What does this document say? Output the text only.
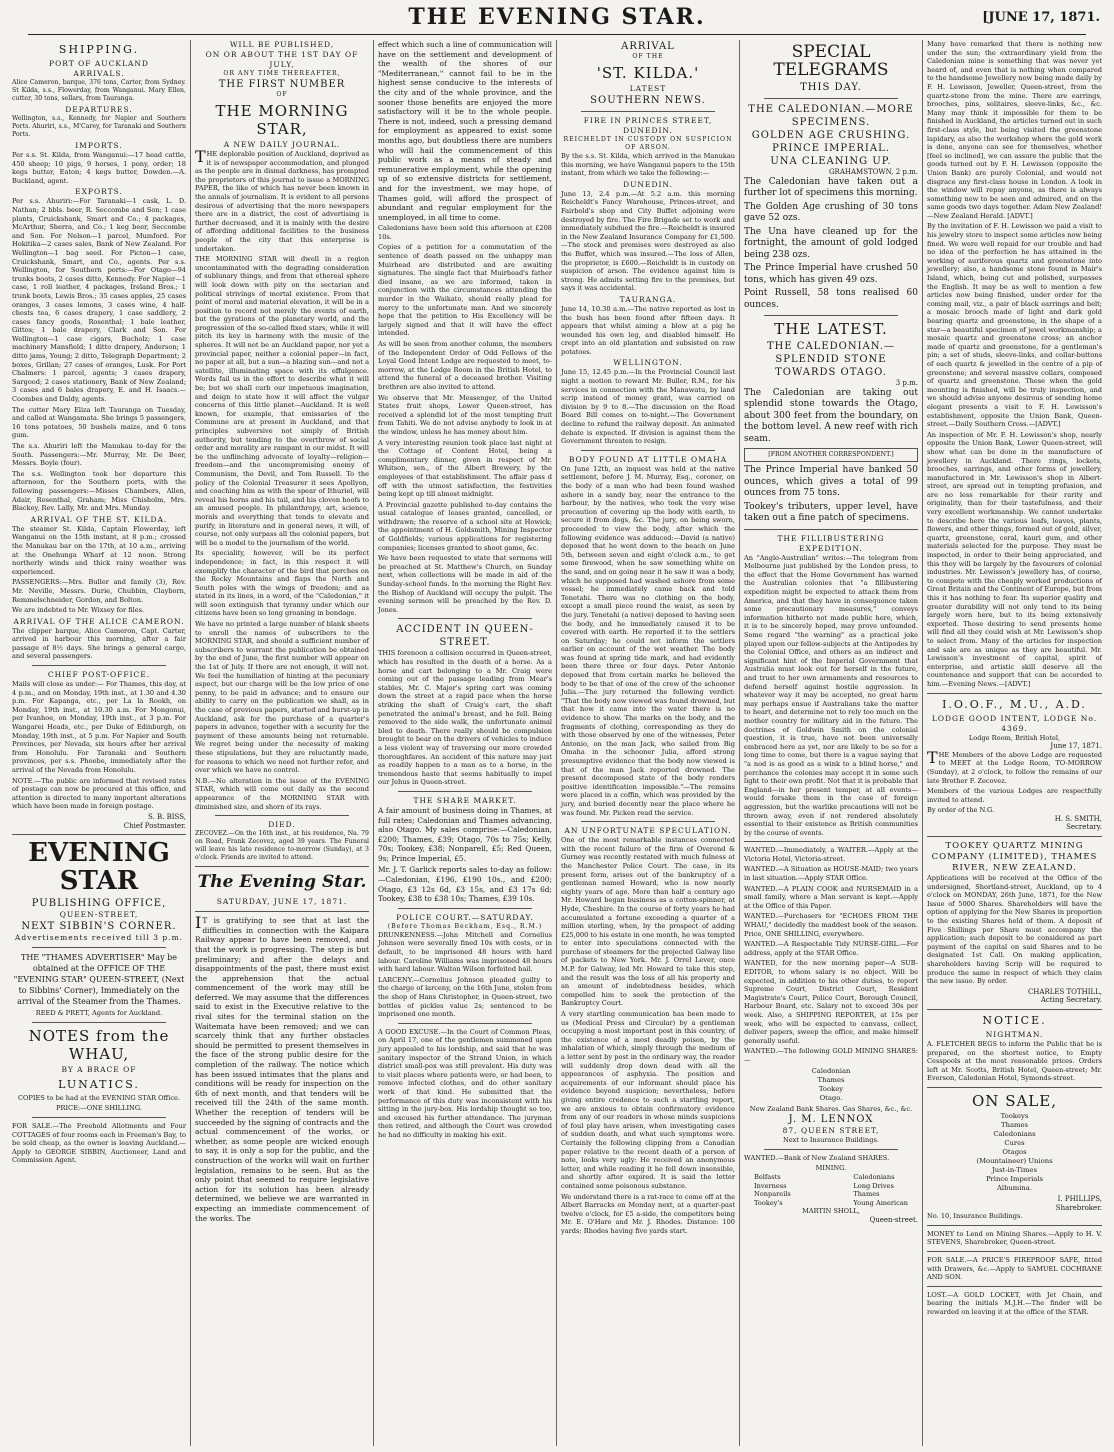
THE EVENING STAR.	[JUNE 17, 1871.
SHIPPING.
PORT OF AUCKLAND
ARRIVALS.

Alice Cameron, barque, 376 tons, Carter, from Sydney. St Kilda, s.s., Flowerday, from Wanganui. Mary Ellen, cutter, 30 tons, sellars, from Tauranga.

DEPARTURES.

Wellington, s.s., Kennedy, for Napier and Southern Ports. Ahuriri, s.s., M'Carey, for Taranaki and Southern Ports.

IMPORTS.

Per s.s. St. Kilda, from Wanganui:—17 head cattle, 450 sheep; 10 pigs, 9 horses, 1 pony, order; 18 kegs butter, Eaton; 4 kegs butter, Dowden.—A. Buckland, agent.

EXPORTS.

Per s.s. Ahuriri:—For Taranaki—1 cask, L. D. Nathan; 2 bbls. beer, R. Seccombe and Son; 1 case plants, Cruickshank, Smart and Co.; 4 packages, McArthur, Sherra, and Co.; 1 keg beer, Seccombe and Son. For Nelson—1 parcel, Mumford. For Hokitika—2 cases sales, Bank of New Zealand. For Wellington—1 bag seed. For Picton—1 case, Cruickshank, Smart, and Co., agents. Per s.s. Wellington, for Southern ports:—For Otago—94 trunks boots, 2 cases ditto, Kennedy. For Napier—1 case, 1 roll leather, 4 packages, Ireland Bros.; 1 trunk boots, Lewis Bros.; 35 cases apples, 25 cases oranges, 3 cases lemons, 3 cases wine, 4 half-chests tea, 6 cases drapery, 1 case saddlery, 2 cases fancy goods, Rosenthal; 1 bale leather, Gittos; 1 bale drapery, Clark and Son. For Wellington—1 case cigars, Bucholz; 1 case machinery Mansfield; 1 ditto drapery, Anderson; 1 ditto jams, Young; 2 ditto, Telegraph Department; 2 boxes, Grillan; 27 cases of oranges, Lusk. For Port Chalmers: 1 parcel, agents; 3 cases drapery, Sargood; 2 cases stationery, Bank of New Zealand; 3 cases and 6 bales drapery, E. and H. Isaacs.—Coombes and Daldy, agents.

The cutter Mary Eliza left Tauranga on Tuesday, and called at Wangamata. She brings 5 passengers, 16 tons potatoes, 50 bushels maize, and 6 tons gum.

The s.s. Ahuriri left the Manukau to-day for the South. Passengers:—Mr. Murray, Mr. De Beer, Messrs. Boyle (four).

The s.s. Wellington took her departure this afternoon, for the Southern ports, with the following passengers:—Misses Chambers, Allen, Adair, Rosenthal, Graham; Miss Chisholm, Mrs. Blackey, Rev. Lally, Mr. and Mrs. Munday.

ARRIVAL OF THE ST. KILDA.

The steamer St. Kilda, Captain Flowerday, left Wanganui on the 15th instant, at 8 p.m.; crossed the Manukau bar on the 17th, at 10 a.m., arriving at the Onehunga Wharf at 12 noon. Strong northerly winds and thick rainy weather was experienced.

PASSENGERS:—Mrs. Buller and family (3), Rev. Mr. Neville, Messrs. Durie, Chubbin, Clayborn, Remmelschneider, Gordon, and Bolton.

We are indebted to Mr. Wixsey for files.

ARRIVAL OF THE ALICE CAMERON.

The clipper barque, Alice Cameron, Capt. Carter, arrived in harbour this morning, after a fair passage of 8½ days. She brings a general cargo, and several passengers.

CHIEF POST-OFFICE.

Mails will close as under:— For Thames, this day, at 4 p.m., and on Monday, 19th inst., at 1.30 and 4.30 p.m. For Kapanga, etc., per La la Rookh, on Monday, 19th inst., at 10.30 a.m. For Mongonui, per Ivanhoe, on Monday, 19th inst., at 3 p.m. For Wangarei Heads, etc., per Duke of Edinburgh, on Monday, 19th inst., at 5 p.m. For Napier and South Provinces, per Nevada, six hours after her arrival from Honolulu. For Taranaki and Southern provinces, per s.s. Phoebe, immediately after the arrival of the Nevada from Honolulu.

NOTE.—The public are informed that revised rates of postage can now be procured at this office, and attention is directed to many important alterations which have been made in foreign postage.

S. B. BISS,
Chief Postmaster.
EVENING STAR
PUBLISHING OFFICE,
QUEEN-STREET,
NEXT SIBBIN'S CORNER.
Advertisements received till 3 p.m.

THE "THAMES ADVERTISER" May be obtained at the OFFICE OF THE "EVENING STAR" QUEEN-STREET, (Next to Sibbins' Corner), Immediately on the arrival of the Steamer from the Thames.

REED & PRETT, Agents for Auckland.
NOTES from the WHAU,
BY A BRACE OF
LUNATICS.

COPIES to be had at the EVENING STAR Office.

PRICE:—ONE SHILLING.

FOR SALE.—The Freehold Allotments and Four COTTAGES of four rooms each in Freeman's Bay, to be sold cheap, as the owner is leaving Auckland.—Apply to GEORGE SIBBIN, Auctioneer, Land and Commission Agent.

WILL BE PUBLISHED,
ON OR ABOUT THE 1ST DAY OF JULY,
OR ANY TIME THEREAFTER,
THE FIRST NUMBER
OF
THE MORNING STAR,
A NEW DAILY JOURNAL.

THE deplorable position of Auckland, deprived as it is of newspaper accommodation, and plunged as the people are in dismal darkness, has prompted the proprietors of this journal to issue a MORNING PAPER, the like of which has never been known in the annals of journalism. It is evident to all persons desirous of advertising that the more newspapers there are in a district, the cost of advertising is further decreased, and it is mainly with the desire of affording additional facilities to the business people of the city that this enterprise is undertaken.

THE MORNING STAR will dwell in a region uncontaminated with the degrading consideration of sublunary things, and from that ethereal sphere will look down with pity on the sectarian and political strivings of mortal existence. From that point of moral and material elevation, it will be in a position to record not merely the events of earth, but the gyrations of the planetary world, and the progression of the so-called fixed stars, while it will pitch its key in harmony with the music of the spheres. It will not be an Auckland paper, nor yet a provincial paper, neither a colonial paper—in fact, no paper at all, but a sun—a blazing sun—and not a satellite, illuminating space with its effulgence. Words fail us in the effort to describe what it will be; but we shall curb our impetuous imagination, and deign to state how it will affect the vulgar concerns of this little planet—Auckland. It is well known, for example, that emissaries of the Commune are at present in Auckland, and that principles subversive not simply of British authority, but tending to the overthrow of social order and morality are rampant in our midst. It will be the unflinching advocate of loyalty—religion—freedom—and the uncompromising enemy of Communism, the Devil, and Tom Russell. To the policy of the Colonial Treasurer it sees Apollyon, and coaching him as with the spear of Ithuriel, will reveal his horns and his tail, and his cloven hoofs to an amused people. In philanthropy, art, science, morals and everything that tends to elevate and purify, in literature and in general news, it will, of course, not only surpass all the colonial papers, but will be a model to the journalism of the world.

Its speciality, however, will be its perfect independence; in fact, in this respect it will exemplify the character of the bird that perches on the Rocky Mountains and flaps the North and South poles with the wings of freedom; and as stated in its lines, in a word, of the "Caledonian," it will soon extinguish that tyranny under which our citizens have been so long groaning in bondage.

We have no printed a large number of blank sheets to enroll the names of subscribers to the MORNING STAR, and should a sufficient number of subscribers to warrant the publication be obtained by the end of June, the first number will appear on the 1st of July. If there are not enough, it will not. We feel the humiliation of hinting at the pecuniary aspect, but our charge will be the low price of one penny, to be paid in advance; and to ensure our ability to carry on the publication we shall, as in the case of previous papers, started and burst-up in Auckland, ask for the purchase of a quarter's papers in advance, together with a security for the payment of these amounts being not returnable. We regret being under the necessity of making these stipulations, but they are reluctantly made, for reasons to which we need not further refer, and over which we have no control.

N.B.—No alteration in the issue of the EVENING STAR, which will come out daily as the second appearance of the MORNING STAR with diminished size, and shorn of its rays.

DIED.

ZECOVEZ.—On the 16th inst., at his residence, Na. 79 on Road, Frank Zecovez, aged 39 years. The Funeral will leave his late residence to-morrow (Sunday), at 3 o'clock. Friends are invited to attend.

The Evening Star.
SATURDAY, JUNE 17, 1871.

IT is gratifying to see that at last the difficulties in connection with the Kaipara Railway appear to have been removed, and that the work is progressing. The step is but preliminary; and after the delays and disappointments of the past, there must exist the apprehension that the actual commencement of the work may still be deferred. We may assume that the differences said to exist in the Executive relative to the rival sites for the terminal station on the Waitemata have been removed; and we can scarcely think that any further obstacles should be permitted to present themselves in the face of the strong public desire for the completion of the railway. The notice which has been issued intimates that the plans and conditions will be ready for inspection on the 6th of next month, and that tenders will be received till the 24th of the same month. Whether the reception of tenders will be succeeded by the signing of contracts and the actual commencement of the works, or whether, as some people are wicked enough to say, it is only a sop for the public, and the construction of the works will wait on further legislation, remains to be seen. But as the only point that seemed to require legislative action for its solution has been already determined, we believe we are warranted in expecting an immediate commencement of the works. The

effect which such a line of communication will have on the settlement and development of the wealth of the shores of our "Mediterranean," cannot fail to be in the highest sense conducive to the interests of the city and of the whole province, and the sooner those benefits are enjoyed the more satisfactory will it be to the whole people. There is not, indeed, such a pressing demand for employment as appeared to exist some months ago, but doubtless there are numbers who will hail the commencement of this public work as a means of steady and remunerative employment, while the opening up of so extensive districts for settlement, and for the investment, we may hope, of Thames gold, will afford the prospect of abundant and regular employment for the unemployed, in all time to come.

Caledonians have been sold this afternoon at £208 10s.

Copies of a petition for a commutation of the sentence of death passed on the unhappy man Muirhead are distributed and are awaiting signatures. The single fact that Muirhead's father died insane, as we are informed, taken in conjunction with the circumstances attending the murder in the Waikato, should really plead for mercy to the unfortunate man. And we sincerely hope that the petition to His Excellency will be largely signed and that it will have the effect intended.

As will be seen from another column, the members of the Independent Order of Odd Fellows of the Loyal Good Intent Lodge are requested to meet, to-morrow, at the Lodge Room in the British Hotel, to attend the funeral of a deceased brother. Visiting brethren are also invited to attend.

We observe that Mr. Messenger, of the United States fruit shops, Lower Queen-street, has received a splendid lot of the most tempting fruit from Tahiti. We do not advise anybody to look in at the window, unless he has money about him.

A very interesting reunion took place last night at the Cottage of Content Hotel, being a complimentary dinner, given in respect of Mr. Whitson, sen., of the Albert Brewery, by the employees of that establishment. The affair pass d off with the utmost satisfaction, the festivities being kept up till almost midnight.

A Provincial gazette published to-day contains the usual catalogue of leases granted, cancelled, or withdrawn; the reserve of a school site at Howick; the appointment of H. Goldsmith, Mining Inspector of Goldfields; various applications for registering companies; licenses granted to shoot game, &c.

We have been requested to state that sermons will be preached at St. Matthew's Church, on Sunday next, when collections will be made in aid of the Sunday-school funds. In the morning the Right Rev. the Bishop of Auckland will occupy the pulpit. The evening sermon will be preached by the Rev. D. Jones.

ACCIDENT IN QUEEN-STREET.

THIS forenoon a collision occurred in Queen-street, which has resulted in the death of a horse. As a horse and cart belonging to a Mr. Craig were coming out of the passage leading from Mear's stables, Mr. C. Major's spring cart was coming down the street at a rapid pace when the horse striking the shaft of Craig's cart, the shaft penetrated the animal's breast, and he fell. Being removed to the side walk, the unfortunate animal bled to death. There really should be compulsion brought to bear on the drivers of vehicles to induce a less violent way of traversing our more crowded thoroughfares. An accident of this nature may just as readily happen to a man as to a horse, in the tremendous haste that seems habitually to impel our Jehus in Queen-street.

THE SHARE MARKET.

A fair amount of business doing in Thames, at full rates; Caledonian and Thames advancing, also Otago. My sales comprise:—Caledonian, £200; Thames, £39; Otago, 70s to 75s; Kelly, 70s; Tookey, £38; Nonparell, £5; Red Queen, 9s; Prince Imperial, £5.

Mr. J. T. Garlick reports sales to-day as follow:—Caledonian, £196, £190 10s., and £200; Otago, £3 12s 6d, £3 15s, and £3 17s 6d; Tookey, £38 to £38 10s; Thames, £39 10s.

POLICE COURT.—SATURDAY.
(Before Thomas Beckham, Esq., R.M.)

DRUNKENNESS.—John Mitchell and Cornelius Johnson were severally fined 10s with costs, or in default, to be imprisoned 48 hours with hard labour. Caroline Williams was imprisoned 48 hours with hard labour. Walton Wilson forfeited bail.

LARCENY.—Cornelius Johnson pleaded guilty to the charge of larceny, on the 16th June, stolen from the shop of Hans Christopher, in Queen-street, two bottles of pickles value 2s; sentenced to be imprisoned one month.

A GOOD EXCUSE.—In the Court of Common Pleas, on April 17, one of the gentlemen summoned upon jury appealed to his lordship, and said that he was sanitary inspector of the Strand Union, in which district small-pox was still prevalent. His duty was to visit places where patients were, or had been, to remove infected clothes, and do other sanitary work of that kind. He submitted that the performance of this duty was inconsistent with his sitting in the jury-box. His lordship thought so too, and excused his further attendance. The juryman then retired, and although the Court was crowded he had no difficulty in making his exit.

ARRIVAL
OF THE
'ST. KILDA.'
LATEST
SOUTHERN NEWS.
FIRE IN PRINCES STREET, DUNEDIN.
REICHELDT IN CUSTODY ON SUSPICION OF ARSON.

By the s.s. St. Kilda, which arrived in the Manukau this morning, we have Wanganui papers to the 15th instant, from which we take the following:—

DUNEDIN.

June 13, 2.4 p.m.—At 5.2 a.m. this morning Reicheldt's Fancy Warehouse, Princes-street, and Fairbold's shop and City Buffet adjoining were destroyed by fire. The Fire Brigade set to work and immediately subdued the fire.—Reicheldt is insured in the New Zealand Insurance Company for £1,500.—The stock and premises were destroyed as also the Buffet, which was insured.—The loss of Allen, the proprietor, is £600.—Reicheldt is in custody on suspicion of arson. The evidence against him is strong. He admits setting fire to the premises, but says it was accidental.

TAURANGA.

June 14, 10.30 a.m.—The native reported as lost in the bush has been found after fifteen days. It appears that whilst aiming a blow at a pig he wounded his own leg, and disabled himself. He crept into an old plantation and subsisted on raw potatoes.

WELLINGTON.

June 15, 12.45 p.m.—In the Provincial Council last night a motion to reward Mr. Buller, R.M., for his services in connection with the Manawatu, by land scrip instead of money grant, was carried on division by 9 to 8.—The discussion on the Road Board Bill comes on to-night.—The Government decline to refund the railway deposit. An animated debate is expected. If division is against them the Government threaten to resign.

BODY FOUND AT LITTLE OMAHA

On June 12th, an inquest was held at the native settlement, before J. M. Murray, Esq., coroner, on the body of a man who had been found washed ashore in a sandy bay, near the entrance to the harbour, by the natives, who took the very wise precaution of covering up the body with earth, to secure it from dogs, &c. The jury, on being sworn, proceeded to view the body, after which the following evidence was adduced:—David (a native) deposed that he went down to the beach on June 5th, between seven and eight o'clock a.m., to get some firewood, when he saw something white on the sand, and on going near it he saw it was a body, which he supposed had washed ashore from some vessel; he immediately came back and told Tenetahi. There was no clothing on the body, except a small piece round the waist, as seen by the jury. Tenetahi (a native) deposed to having seen the body, and he immediately caused it to be covered with earth. He reported it to the settlers on Saturday; he could not inform the settlers earlier on account of the wet weather. The body was found at spring tide mark, and had evidently been there three or four days. Peter Antonio deposed that from certain marks he believed the body to be that of one of the crew of the schooner Julia.—The jury returned the following verdict: "That the body now viewed was found drowned, but that how it came into the water there is no evidence to show. The marks on the body, and the fragments of clothing, corresponding as they do with those observed by one of the witnesses, Peter Antonio, on the man Jack, who sailed from Big Omaha in the schooner Julia, afford strong presumptive evidence that the body now viewed is that of the man Jack reported drowned. The present decomposed state of the body renders positive identification impossible."—The remains were placed in a coffin, which was provided by the jury, and buried decently near the place where he was found. Mr. Picken read the service.

AN UNFORTUNATE SPECULATION.

One of the most remarkable instances connected with the recent failure of the firm of Overend & Gurney was recently restated with much fulness at the Manchester Police Court. The case, in its present form, arises out of the bankruptcy of a gentleman named Howard, who is now nearly eighty years of age. More than half a century ago Mr. Howard began business as a cotton-spinner, at Hyde, Cheshire. In the course of forty years he had accumulated a fortune exceeding a quarter of a million sterling, when, by the prospect of adding £25,000 to his estate in one month, he was tempted to enter into speculations connected with the purchase of steamers for the projected Galway line of packets to New York. Mr. J. Orrel Lever, once M.P. for Galway, led Mr. Howard to take this step, and the result was the loss of all his property and an amount of indebtedness besides, which compelled him to seek the protection of the Bankruptcy Court.

A very startling communication has been made to us (Medical Press and Circular) by a gentleman occupying a most important post in this country, of the existence of a most deadly poison, by the inhalation of which, simply through the medium of a letter sent by post in the ordinary way, the reader will suddenly drop down dead with all the appearances of asphyxia. The position and acquirements of our informant should place his evidence beyond suspicion; nevertheless, before giving entire credence to such a startling report, we are anxious to obtain confirmatory evidence from any of our readers in whose minds suspicions of foul play have arisen, when investigating cases of sudden death, and what such symptoms were. Certainly the following clipping from a Canadian paper relative to the recent death of a person of note, looks very ugly: He received an anonymous letter, and while reading it he fell down insensible, and shortly after expired. It is said the letter contained some poisonous substance.

We understand there is a rat-race to come off at the Albert Barracks on Monday next, at a quarter-past twelve o'clock, for £5 a-side, the competitors being Mr. E. O'Hare and Mr. J. Rhodes. Distance: 100 yards; Rhodes having five yards start.

SPECIAL TELEGRAMS
THIS DAY.
THE CALEDONIAN.—MORE SPECIMENS.
GOLDEN AGE CRUSHING.
PRINCE IMPERIAL.
UNA CLEANING UP.
GRAHAMSTOWN, 2 p.m.

The Caledonian have taken out a further lot of specimens this morning.

The Golden Age crushing of 30 tons gave 52 ozs.

The Una have cleaned up for the fortnight, the amount of gold lodged being 238 ozs.

The Prince Imperial have crushed 50 tons, which has given 49 ozs.

Point Russell, 58 tons realised 60 ounces.

THE LATEST.
THE CALEDONIAN.—SPLENDID STONE TOWARDS OTAGO.
3 p.m.

The Caledonian are taking out splendid stone towards the Otago, about 300 feet from the boundary, on the bottom level. A new reef with rich seam.

[FROM ANOTHER CORRESPONDENT.]

The Prince Imperial have banked 50 ounces, which gives a total of 99 ounces from 75 tons.

Tookey's tributers, upper level, have taken out a fine patch of specimens.

THE FILLIBUSTERING EXPEDITION.

An "Anglo-Australian" writes:—The telegram from Melbourne just published by the London press, to the effect that the Home Government has warned the Australian colonies that "a fillibustering expedition might be expected to attack them from America, and that they have in consequence taken some precautionary measures," conveys information hitherto not made public here, which, it is to be sincerely hoped, may prove unfounded. Some regard "the warning" as a practical joke played upon our fellow-subjects at the Antipodes by the Colonial Office, and others as an indirect and significant hint of the Imperial Government that Australia must look out for herself in the future, and trust to her own armaments and resources to defend herself against hostile aggression. In whatever way it may be accepted, no great harm may perhaps ensue if Australians take the matter to heart, and determine not to rely too much on the mother country for military aid in the future. The doctrines of Goldwin Smith on the colonial question, it is true, have not been universally embraced here as yet, nor are likely to be so for a long time to come, but there is a vague saying that "a nod is as good as a wink to a blind horse," and perchance the colonies may accept it in some such light to their own profit. Not that it is probable that England—in her present temper, at all events—would forsake them in the case of foreign aggression, but the warlike precautions will not be thrown away, even if not rendered absolutely essential to their existence as British communities by the course of events.

WANTED.—Immediately, a WAITER.—Apply at the Victoria Hotel, Victoria-street.

WANTED.—A Situation as HOUSE-MAID; two years in last situation.—Apply STAR Office.

WANTED.—A PLAIN COOK and NURSEMAID in a small family, where a Man servant is kept.—Apply at the Office of this Paper.

WANTED.—Purchasers for "ECHOES FROM THE WHAU," decidedly the maddest book of the season. Price, ONE SHILLING, everywhere.

WANTED.—A Respectable Tidy NURSE-GIRL.—For address, apply at the STAR Office.

WANTED, for the new morning paper—A SUB-EDITOR, to whom salary is no object. Will be expected, in addition to his other duties, to report Supreme Court, District Court, Resident Magistrate's Court, Police Court, Borough Council, Harbour Board, etc. Salary not to exceed 30s per week. Also, a SHIPPING REPORTER, at 15s per week, who will be expected to canvass, collect, deliver papers, sweep the office, and make himself generally useful.

WANTED.—The following GOLD MINING SHARES:—

Caledonian
Thames
Tookey
Otago.
New Zealand Bank Shares. Gas Shares, &c., &c.
J. M. LENNOX
87, QUEEN STREET,
Next to Insurance Buildings.

WANTED.—Bank of New Zealand SHARES.

MINING.
Belfasts
Inverness
Nonpareils
Tookey's
Caledonians
Long Drives
Thames
Young American
MARTIN SHOLL,
Queen-street.

Many have remarked that there is nothing new under the sun; the extraordinary yield from the Caledonian mine is something that was never yet heard of, and even that is nothing when compared to the handsome Jewellery now being made daily by F. H. Lewisson, Jeweller, Queen-street, from the quartz-stone from the mine. There are earrings, brooches, pins, solitaires, sleeve-links, &c., &c. Many may think it impossible for them to be finished in Auckland, the articles turned out in such first-class style, but being visited the greenstone lapidary, as also the workshop where the gold work is done, anyone can see for themselves, whether [feel so inclined], we can assure the public that the goods turned out by F. H. Lewisson (opposite the Union Bank) are purely Colonial, and would not disgrace any first-class house in London. A look in the window will repay anyone, as there is always something new to be seen and admired, and on the same goods two days together. Adam New Zealand!—New Zealand Herald. [ADVT.]

By the invitation of F. H. Lewisson we paid a visit to his jewelry store to inspect some articles now being fined. We were well repaid for our trouble and had no idea of the perfection he has attained in the working of auriferous quartz and greenstone into jewellery; also, a handsome stone found in Mair's Island, which, being cut and polished, surpasses the English. It may be as well to mention a few articles now being finished, under order for the coming mail, viz., a pair of black earrings and belt; a mosaic brooch made of light and dark gold bearing quartz and greenstone, in the shape of a star—a beautiful specimen of jewel workmanship; a mosaic quartz and greenstone cross; an anchor made of quartz and greenstone, for a gentleman's pin; a set of studs, sleeve-links, and collar-buttons of each quartz & jewelled in the centre of a pip of greenstone; and several massive collars, composed of quartz and greenstone. These when the gold mounting is finished, will be truly inspection, and we should advise anyone desirous of sending home elegant presents a visit to F. H. Lewisson's establishment, opposite the Union Bank, Queen-street.—Daily Southern Cross.—[ADVT.]

An inspection of Mr. F. H. Lewisson's shop, nearly opposite the Union Bank, Lower Queen-street, will show what can be done in the manufacture of jewellery in Auckland. There rings, lockets, brooches, earrings, and other forms of jewellery, manufactured in Mr. Lewisson's shop in Albert-street, are spread out in tempting profusion, and are no less remarkable for their rarity and originality, than for their tastefulness, and their very excellent workmanship. We cannot undertake to describe here the various leafs, leaves, plants, flowers, and other things, formed out of gold, silver, quartz, greenstone, coral, kauri gum, and other materials selected for the purpose. They must be inspected, in order to their being appreciated, and this they will be largely by the favourers of colonial industries. Mr. Lewisson's jewellery has, of course, to compete with the cheaply worked productions of Great Britain and the Continent of Europe, but from this it has nothing to fear. Its superior quality and greater durability will not only tend to its being largely worn here, but to its being extensively exported. Those desiring to send presents home will find all they could wish at Mr. Lewisson's shop to select from. Many of the articles for inspection and sale are as unique as they are beautiful. Mr. Lewisson's investment of capital, spirit of enterprise, and artistic skill deserve all the countenance and support that can be accorded to him.—Evening News.—[ADVT.]

I.O.O.F., M.U., A.D.
LODGE GOOD INTENT, LODGE No. 4369.
Lodge Room, British Hotel,
June 17, 1871.

THE Members of the above Lodge are requested to MEET at the Lodge Room, TO-MORROW (Sunday), at 2 o'clock, to follow the remains of our late Brother F. Zecovez.

Members of the various Lodges are respectfully invited to attend.

By order of the N.G.
H. S. SMITH,
Secretary.
TOOKEY QUARTZ MINING COMPANY (LIMITED), THAMES RIVER, NEW ZEALAND.

Applications will be received at the Office of the undersigned, Shortland-street, Auckland, up to 4 o'clock on MONDAY, 26th June, 1871, for the New Issue of 5000 Shares. Shareholders will have the option of applying for the New Shares in proportion to the existing Shares held of them. A deposit of Five Shillings per Share must accompany the application; such deposit to be considered as part payment of the capital on said Shares and to be designated 1st Call. On making application, shareholders having Scrip will be required to produce the same in respect of which they claim the new issue. By order.

CHARLES TOTHILL,
Acting Secretary.
NOTICE.
NIGHTMAN.

A. FLETCHER BEGS to inform the Public that he is prepared, on the shortest notice, to Empty Cesspools at the most reasonable prices. Orders left at Mr. Scotts, British Hotel, Queen-street; Mr. Everson, Caledonian Hotel, Symonds-street.

ON SALE,
Tookeys
Thames
Caledonians
Cures
Otagos
(Mountaineer) Unions
Just-in-Times
Prince Imperials
Albumina.
I. PHILLIPS,
Sharebroker.
No. 10, Insurance Buildings.

MONEY to Lend on Mining Shares.—Apply to H. V. STEVENS, Sharebroker, Queen-street.

FOR SALE.—A PRICE'S FIREPROOF SAFE, fitted with Drawers, &c.—Apply to SAMUEL COCHRANE AND SON.

LOST.—A GOLD LOCKET, with Jet Chain, and bearing the initials M.J.H.—The finder will be rewarded on leaving it at the office of the STAR.
